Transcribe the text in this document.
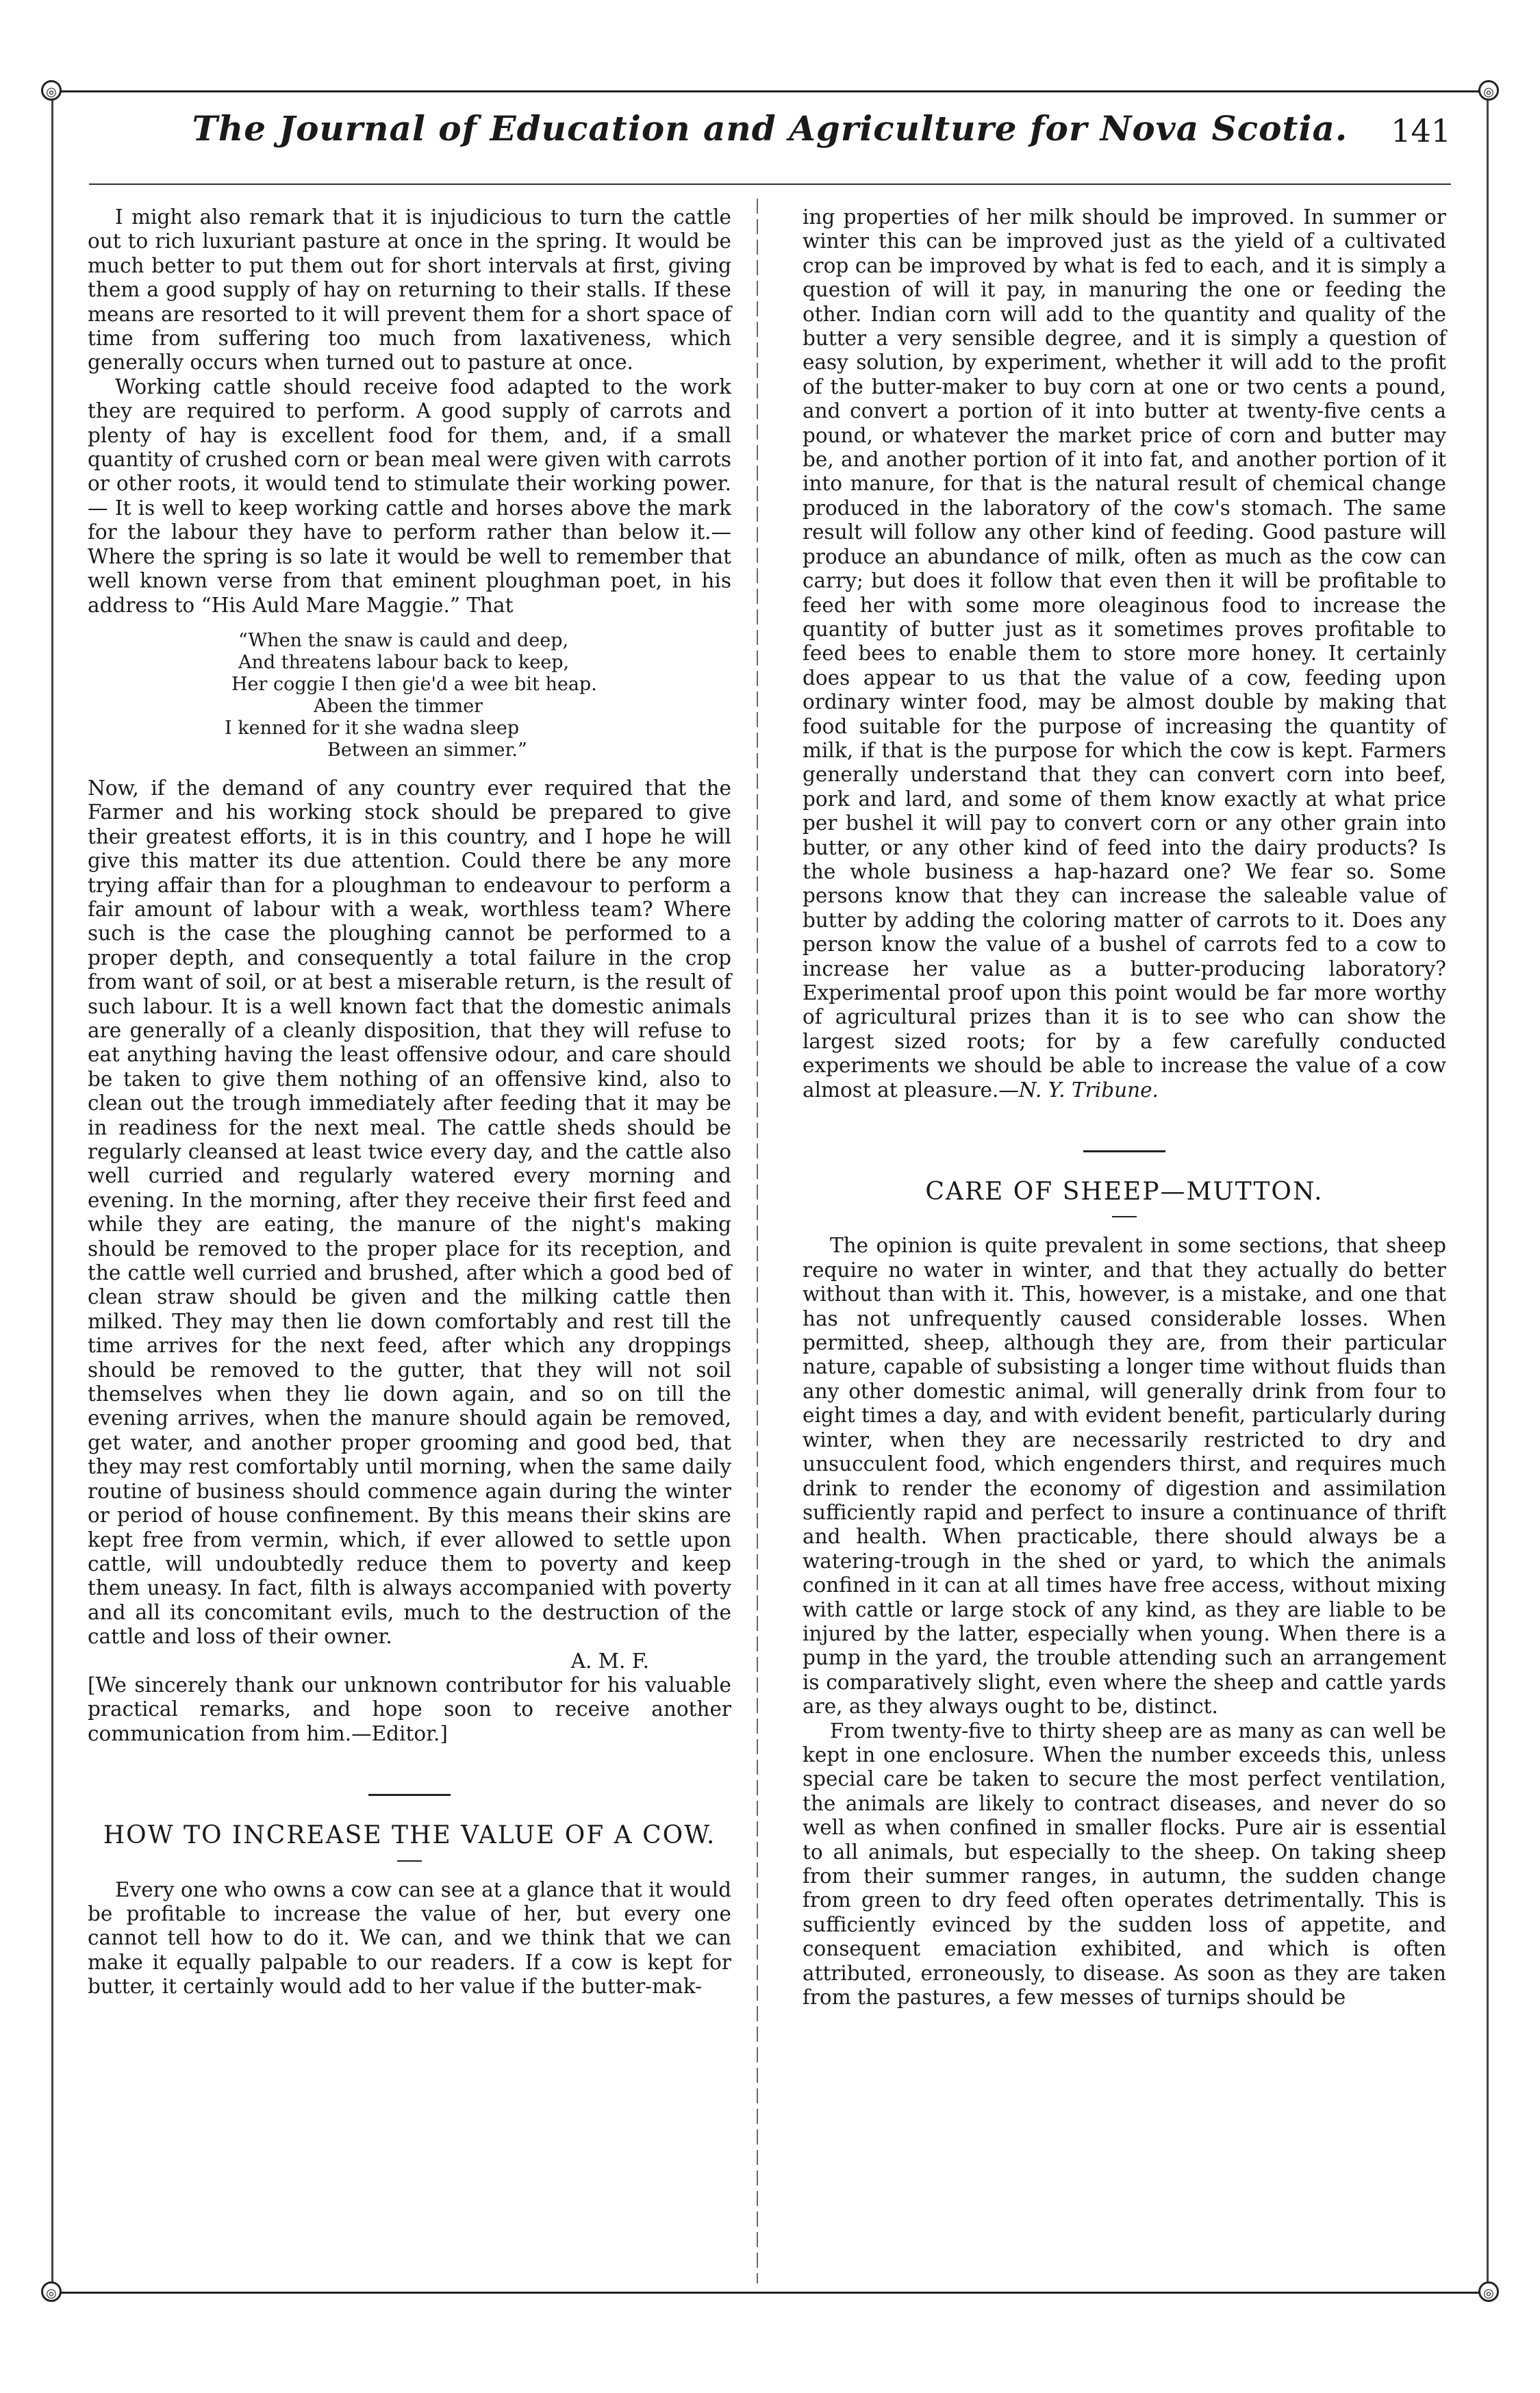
◎	◎
◎	◎
The Journal of Education and Agriculture for Nova Scotia.	141

I might also remark that it is injudicious to turn the cattle out to rich luxuriant pasture at once in the spring. It would be much better to put them out for short intervals at first, giving them a good supply of hay on returning to their stalls. If these means are resorted to it will prevent them for a short space of time from suffering too much from laxativeness, which generally occurs when turned out to pasture at once.

Working cattle should receive food adapted to the work they are required to perform. A good supply of carrots and plenty of hay is excellent food for them, and, if a small quantity of crushed corn or bean meal were given with carrots or other roots, it would tend to stimulate their working power.— It is well to keep working cattle and horses above the mark for the labour they have to perform rather than below it.— Where the spring is so late it would be well to remember that well known verse from that eminent ploughman poet, in his address to “His Auld Mare Maggie.” That

“When the snaw is cauld and deep,
And threatens labour back to keep,
Her coggie I then gie'd a wee bit heap.
Abeen the timmer
I kenned for it she wadna sleep
Between an simmer.”

Now, if the demand of any country ever required that the Farmer and his working stock should be prepared to give their greatest efforts, it is in this country, and I hope he will give this matter its due attention. Could there be any more trying affair than for a ploughman to endeavour to perform a fair amount of labour with a weak, worthless team? Where such is the case the ploughing cannot be performed to a proper depth, and consequently a total failure in the crop from want of soil, or at best a miserable return, is the result of such labour. It is a well known fact that the domestic animals are generally of a cleanly disposition, that they will refuse to eat anything having the least offensive odour, and care should be taken to give them nothing of an offensive kind, also to clean out the trough immediately after feeding that it may be in readiness for the next meal. The cattle sheds should be regularly cleansed at least twice every day, and the cattle also well curried and regularly watered every morning and evening. In the morning, after they receive their first feed and while they are eating, the manure of the night's making should be removed to the proper place for its reception, and the cattle well curried and brushed, after which a good bed of clean straw should be given and the milking cattle then milked. They may then lie down comfortably and rest till the time arrives for the next feed, after which any droppings should be removed to the gutter, that they will not soil themselves when they lie down again, and so on till the evening arrives, when the manure should again be removed, get water, and another proper grooming and good bed, that they may rest comfortably until morning, when the same daily routine of business should commence again during the winter or period of house confinement. By this means their skins are kept free from vermin, which, if ever allowed to settle upon cattle, will undoubtedly reduce them to poverty and keep them uneasy. In fact, filth is always accompanied with poverty and all its concomitant evils, much to the destruction of the cattle and loss of their owner.

A. M. F.

[We sincerely thank our unknown contributor for his valuable practical remarks, and hope soon to receive another communication from him.—Editor.]

HOW TO INCREASE THE VALUE OF A COW.

Every one who owns a cow can see at a glance that it would be profitable to increase the value of her, but every one cannot tell how to do it. We can, and we think that we can make it equally palpable to our readers. If a cow is kept for butter, it certainly would add to her value if the butter-mak-

ing properties of her milk should be improved. In summer or winter this can be improved just as the yield of a cultivated crop can be improved by what is fed to each, and it is simply a question of will it pay, in manuring the one or feeding the other. Indian corn will add to the quantity and quality of the butter a very sensible degree, and it is simply a question of easy solution, by experiment, whether it will add to the profit of the butter-maker to buy corn at one or two cents a pound, and convert a portion of it into butter at twenty-five cents a pound, or whatever the market price of corn and butter may be, and another portion of it into fat, and another portion of it into manure, for that is the natural result of chemical change produced in the laboratory of the cow's stomach. The same result will follow any other kind of feeding. Good pasture will produce an abundance of milk, often as much as the cow can carry; but does it follow that even then it will be profitable to feed her with some more oleaginous food to increase the quantity of butter just as it sometimes proves profitable to feed bees to enable them to store more honey. It certainly does appear to us that the value of a cow, feeding upon ordinary winter food, may be almost double by making that food suitable for the purpose of increasing the quantity of milk, if that is the purpose for which the cow is kept. Farmers generally understand that they can convert corn into beef, pork and lard, and some of them know exactly at what price per bushel it will pay to convert corn or any other grain into butter, or any other kind of feed into the dairy products? Is the whole business a hap-hazard one? We fear so. Some persons know that they can increase the saleable value of butter by adding the coloring matter of carrots to it. Does any person know the value of a bushel of carrots fed to a cow to increase her value as a butter-producing laboratory? Experimental proof upon this point would be far more worthy of agricultural prizes than it is to see who can show the largest sized roots; for by a few carefully conducted experiments we should be able to increase the value of a cow almost at pleasure.—N. Y. Tribune.

CARE OF SHEEP—MUTTON.

The opinion is quite prevalent in some sections, that sheep require no water in winter, and that they actually do better without than with it. This, however, is a mistake, and one that has not unfrequently caused considerable losses. When permitted, sheep, although they are, from their particular nature, capable of subsisting a longer time without fluids than any other domestic animal, will generally drink from four to eight times a day, and with evident benefit, particularly during winter, when they are necessarily restricted to dry and unsucculent food, which engenders thirst, and requires much drink to render the economy of digestion and assimilation sufficiently rapid and perfect to insure a continuance of thrift and health. When practicable, there should always be a watering-trough in the shed or yard, to which the animals confined in it can at all times have free access, without mixing with cattle or large stock of any kind, as they are liable to be injured by the latter, especially when young. When there is a pump in the yard, the trouble attending such an arrangement is comparatively slight, even where the sheep and cattle yards are, as they always ought to be, distinct.

From twenty-five to thirty sheep are as many as can well be kept in one enclosure. When the number exceeds this, unless special care be taken to secure the most perfect ventilation, the animals are likely to contract diseases, and never do so well as when confined in smaller flocks. Pure air is essential to all animals, but especially to the sheep. On taking sheep from their summer ranges, in autumn, the sudden change from green to dry feed often operates detrimentally. This is sufficiently evinced by the sudden loss of appetite, and consequent emaciation exhibited, and which is often attributed, erroneously, to disease. As soon as they are taken from the pastures, a few messes of turnips should be
